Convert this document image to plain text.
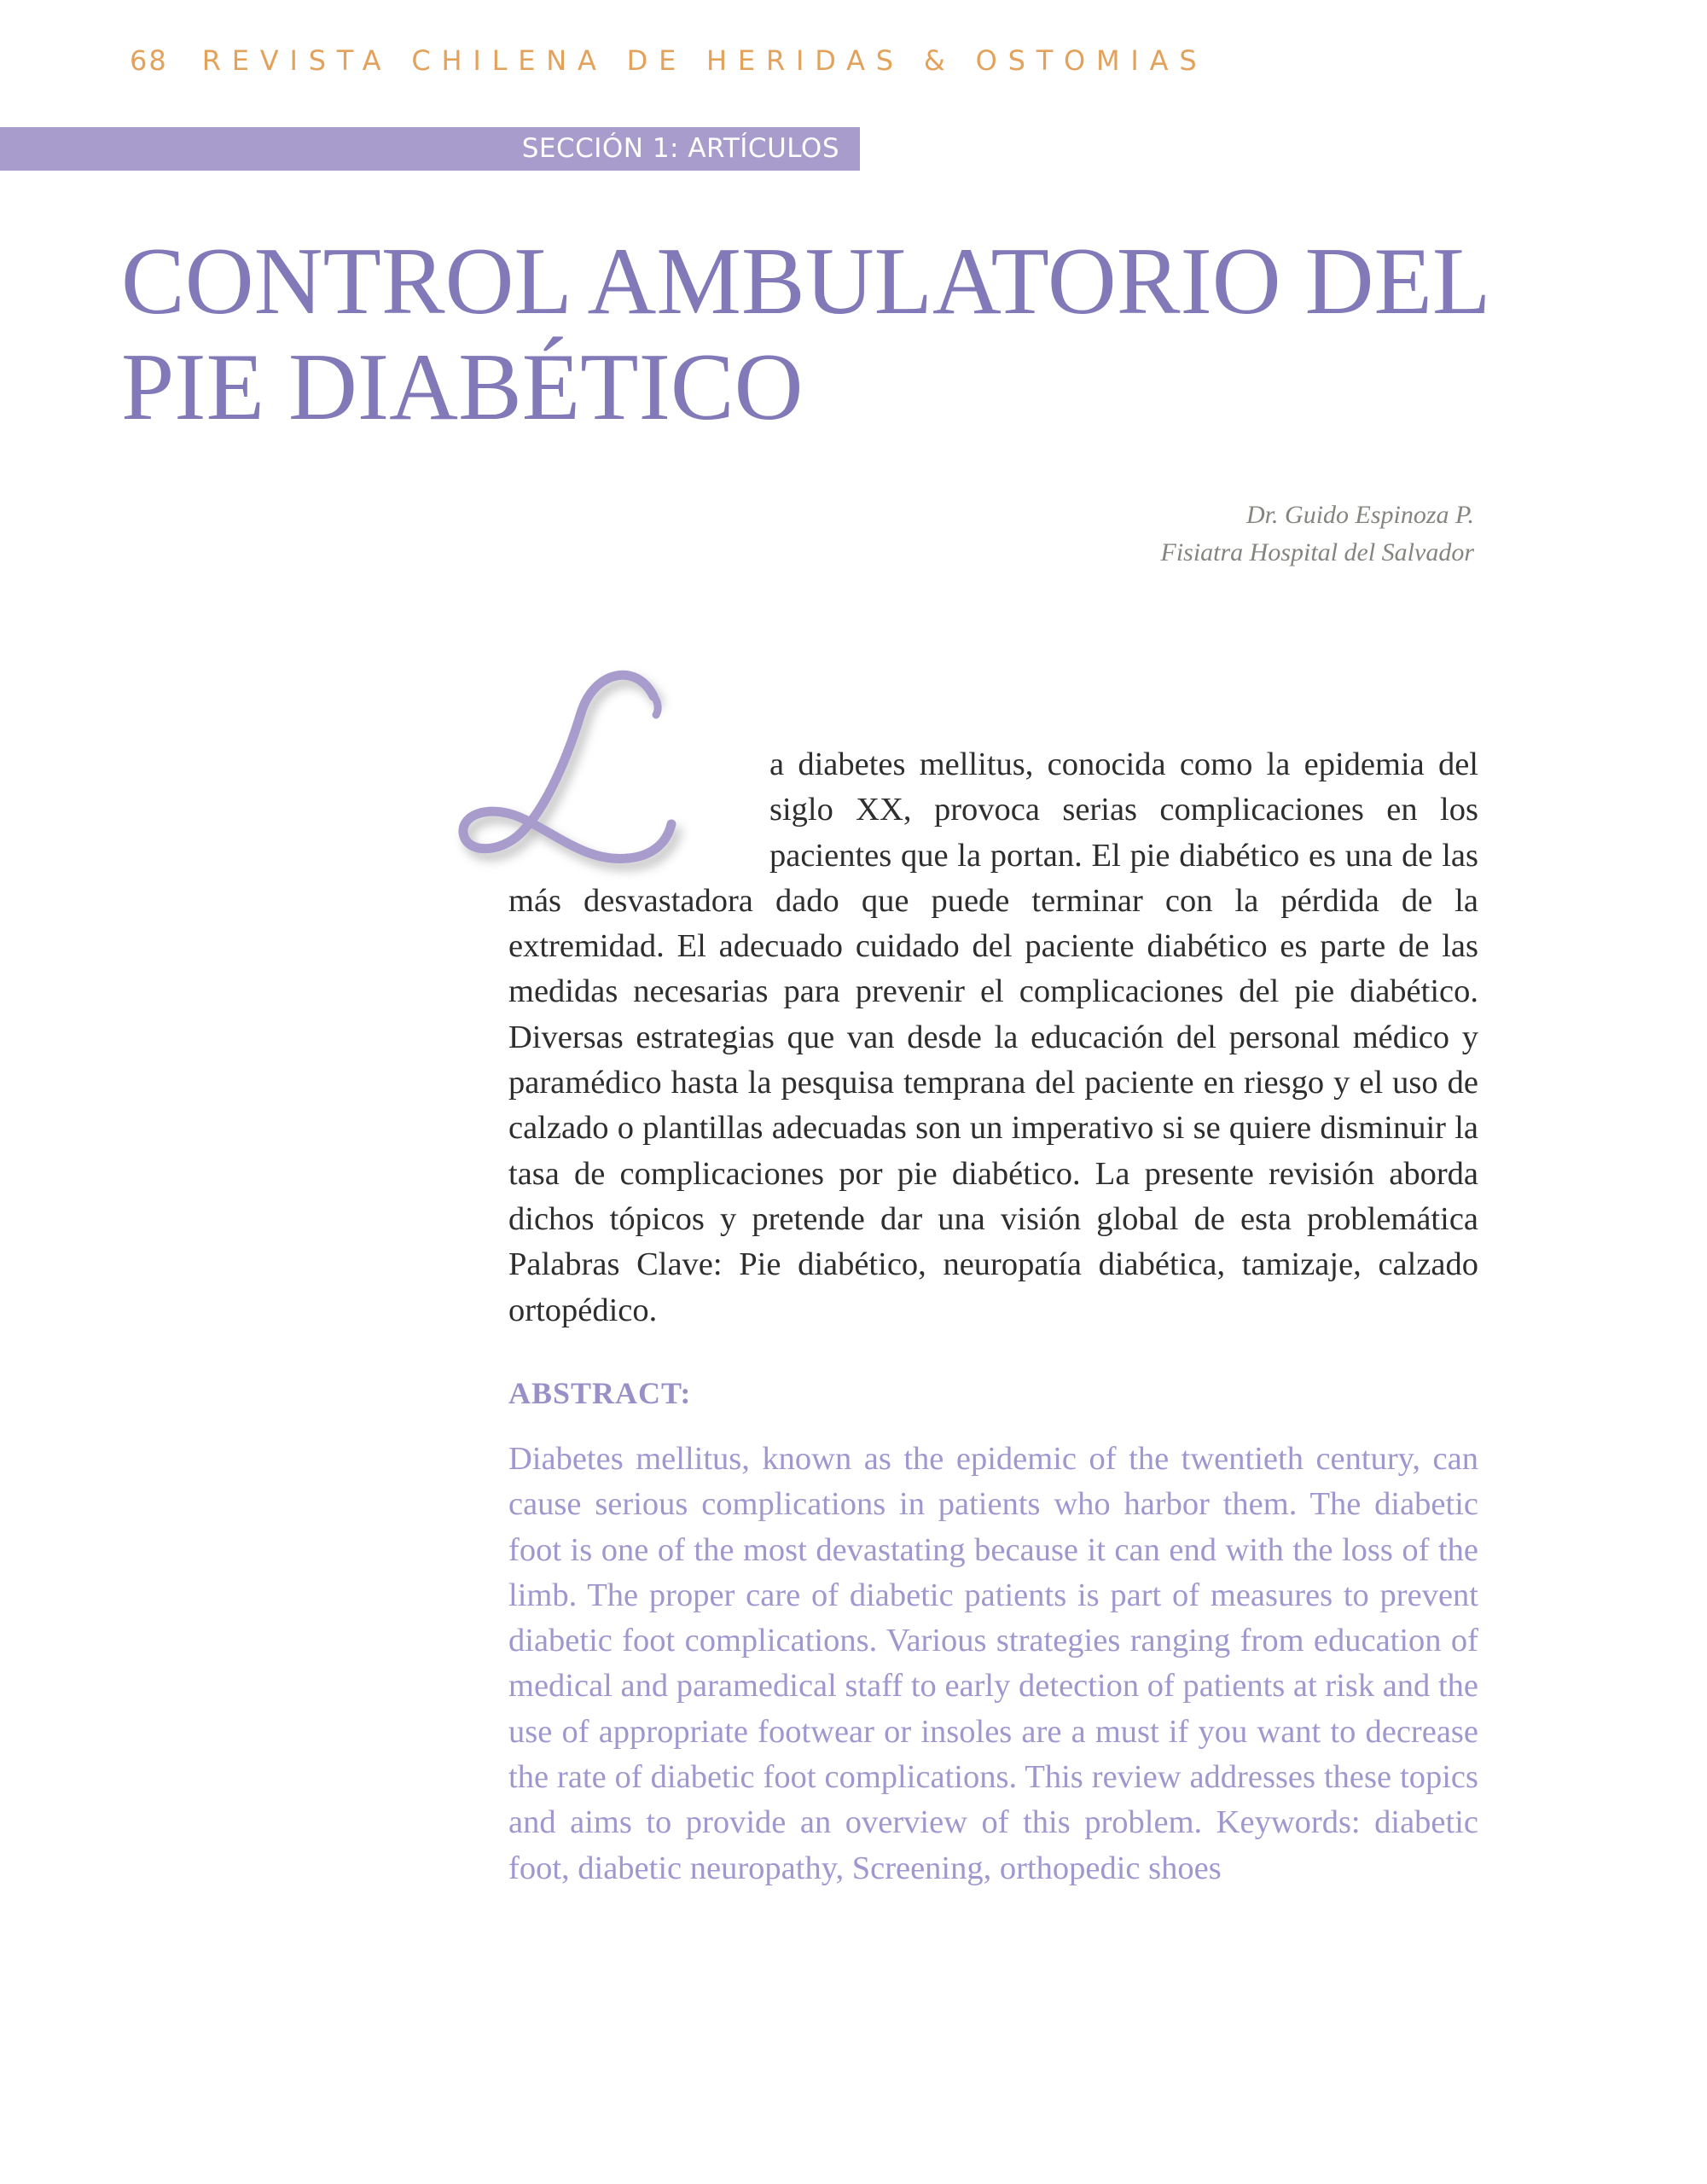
68 REVISTA CHILENA DE HERIDAS & OSTOMIAS
SECCIÓN 1: ARTÍCULOS
CONTROL AMBULATORIO DEL PIE DIABÉTICO
Dr. Guido Espinoza P.
Fisiatra Hospital del Salvador
a diabetes mellitus, conocida como la epidemia del siglo XX, provoca serias complicaciones en los pacientes que la portan. El pie diabético es una de las más desvastadora dado que puede terminar con la pérdida de la extremidad. El adecuado cuidado del paciente diabético es parte de las medidas necesarias para prevenir el complicaciones del pie diabético. Diversas estrategias que van desde la educación del personal médico y paramédico hasta la pesquisa temprana del paciente en riesgo y el uso de calzado o plantillas adecuadas son un imperativo si se quiere disminuir la tasa de complicaciones por pie diabético. La presente revisión aborda dichos tópicos y pretende dar una visión global de esta problemática Palabras Clave: Pie diabético, neuropatía diabética, tamizaje, calzado ortopédico.
ABSTRACT:

Diabetes mellitus, known as the epidemic of the twentieth century, can cause serious complications in patients who harbor them. The diabetic foot is one of the most devastating because it can end with the loss of the limb. The proper care of diabetic patients is part of measures to prevent diabetic foot complications. Various strategies ranging from education of medical and paramedical staff to early detection of patients at risk and the use of appropriate footwear or insoles are a must if you want to decrease the rate of diabetic foot complications. This review addresses these topics and aims to provide an overview of this problem. Keywords: diabetic foot, diabetic neuropathy, Screening, orthopedic shoes
